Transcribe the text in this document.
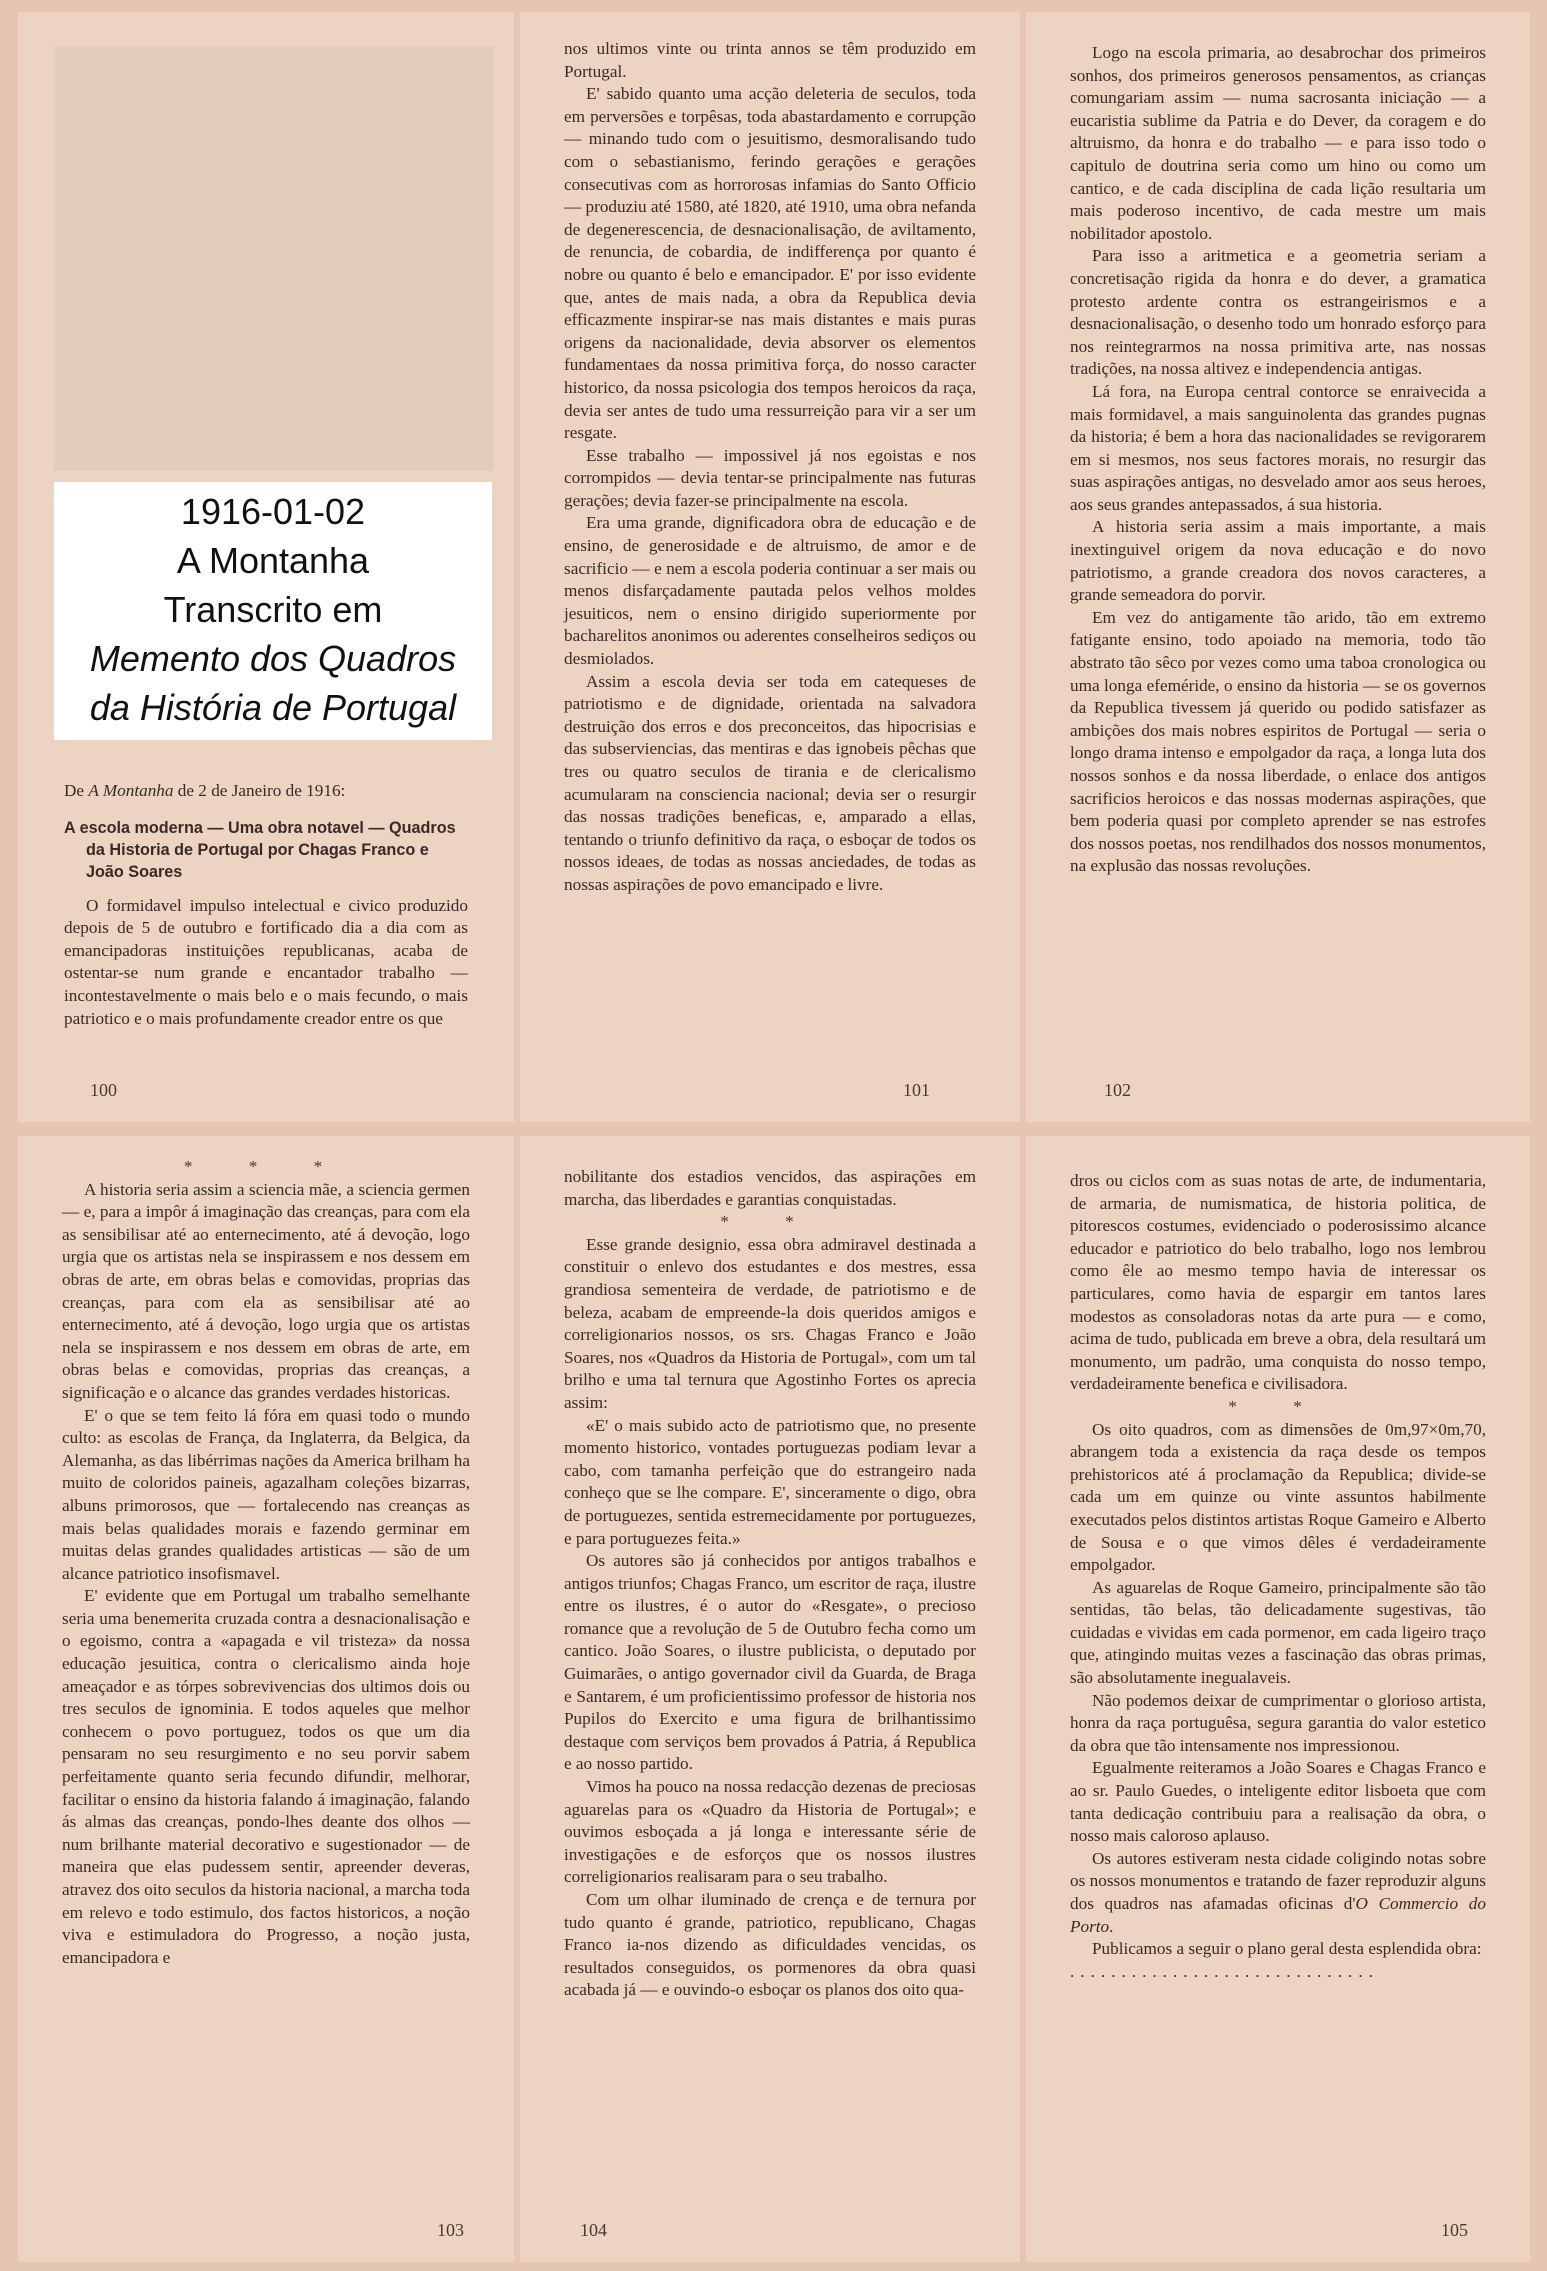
1916-01-02
A Montanha
Transcrito em
Memento dos Quadros
da História de Portugal

De A Montanha de 2 de Janeiro de 1916:

A escola moderna — Uma obra notavel — Quadros da Historia de Portugal por Chagas Franco e João Soares

O formidavel impulso intelectual e civico produzido depois de 5 de outubro e fortificado dia a dia com as emancipadoras instituições republicanas, acaba de ostentar-se num grande e encantador trabalho — incontestavelmente o mais belo e o mais fecundo, o mais patriotico e o mais profundamente creador entre os que

100

nos ultimos vinte ou trinta annos se têm produzido em Portugal.

E' sabido quanto uma acção deleteria de seculos, toda em perversões e torpêsas, toda abastardamento e corrupção — minando tudo com o jesuitismo, desmoralisando tudo com o sebastianismo, ferindo gerações e gerações consecutivas com as horrorosas infamias do Santo Officio — produziu até 1580, até 1820, até 1910, uma obra nefanda de degenerescencia, de desnacionalisação, de aviltamento, de renuncia, de cobardia, de indifferença por quanto é nobre ou quanto é belo e emancipador. E' por isso evidente que, antes de mais nada, a obra da Republica devia efficazmente inspirar-se nas mais distantes e mais puras origens da nacionalidade, devia absorver os elementos fundamentaes da nossa primitiva força, do nosso caracter historico, da nossa psicologia dos tempos heroicos da raça, devia ser antes de tudo uma ressurreição para vir a ser um resgate.

Esse trabalho — impossivel já nos egoistas e nos corrompidos — devia tentar-se principalmente nas futuras gerações; devia fazer-se principalmente na escola.

Era uma grande, dignificadora obra de educação e de ensino, de generosidade e de altruismo, de amor e de sacrificio — e nem a escola poderia continuar a ser mais ou menos disfarçadamente pautada pelos velhos moldes jesuiticos, nem o ensino dirigido superiormente por bacharelitos anonimos ou aderentes conselheiros sediços ou desmiolados.

Assim a escola devia ser toda em catequeses de patriotismo e de dignidade, orientada na salvadora destruição dos erros e dos preconceitos, das hipocrisias e das subserviencias, das mentiras e das ignobeis pêchas que tres ou quatro seculos de tirania e de clericalismo acumularam na consciencia nacional; devia ser o resurgir das nossas tradições beneficas, e, amparado a ellas, tentando o triunfo definitivo da raça, o esboçar de todos os nossos ideaes, de todas as nossas anciedades, de todas as nossas aspirações de povo emancipado e livre.

101

Logo na escola primaria, ao desabrochar dos primeiros sonhos, dos primeiros generosos pensamentos, as crianças comungariam assim — numa sacrosanta iniciação — a eucaristia sublime da Patria e do Dever, da coragem e do altruismo, da honra e do trabalho — e para isso todo o capitulo de doutrina seria como um hino ou como um cantico, e de cada disciplina de cada lição resultaria um mais poderoso incentivo, de cada mestre um mais nobilitador apostolo.

Para isso a aritmetica e a geometria seriam a concretisação rigida da honra e do dever, a gramatica protesto ardente contra os estrangeirismos e a desnacionalisação, o desenho todo um honrado esforço para nos reintegrarmos na nossa primitiva arte, nas nossas tradições, na nossa altivez e independencia antigas.

Lá fora, na Europa central contorce se enraivecida a mais formidavel, a mais sanguinolenta das grandes pugnas da historia; é bem a hora das nacionalidades se revigorarem em si mesmos, nos seus factores morais, no resurgir das suas aspirações antigas, no desvelado amor aos seus heroes, aos seus grandes antepassados, á sua historia.

A historia seria assim a mais importante, a mais inextinguivel origem da nova educação e do novo patriotismo, a grande creadora dos novos caracteres, a grande semeadora do porvir.

Em vez do antigamente tão arido, tão em extremo fatigante ensino, todo apoiado na memoria, todo tão abstrato tão sêco por vezes como uma taboa cronologica ou uma longa efeméride, o ensino da historia — se os governos da Republica tivessem já querido ou podido satisfazer as ambições dos mais nobres espiritos de Portugal — seria o longo drama intenso e empolgador da raça, a longa luta dos nossos sonhos e da nossa liberdade, o enlace dos antigos sacrificios heroicos e das nossas modernas aspirações, que bem poderia quasi por completo aprender se nas estrofes dos nossos poetas, nos rendilhados dos nossos monumentos, na explusão das nossas revoluções.

102

* * *

A historia seria assim a sciencia mãe, a sciencia germen — e, para a impôr á imaginação das creanças, para com ela as sensibilisar até ao enternecimento, até á devoção, logo urgia que os artistas nela se inspirassem e nos dessem em obras de arte, em obras belas e comovidas, proprias das creanças, para com ela as sensibilisar até ao enternecimento, até á devoção, logo urgia que os artistas nela se inspirassem e nos dessem em obras de arte, em obras belas e comovidas, proprias das creanças, a significação e o alcance das grandes verdades historicas.

E' o que se tem feito lá fóra em quasi todo o mundo culto: as escolas de França, da Inglaterra, da Belgica, da Alemanha, as das libérrimas nações da America brilham ha muito de coloridos paineis, agazalham coleções bizarras, albuns primorosos, que — fortalecendo nas creanças as mais belas qualidades morais e fazendo germinar em muitas delas grandes qualidades artisticas — são de um alcance patriotico insofismavel.

E' evidente que em Portugal um trabalho semelhante seria uma benemerita cruzada contra a desnacionalisação e o egoismo, contra a «apagada e vil tristeza» da nossa educação jesuitica, contra o clericalismo ainda hoje ameaçador e as tórpes sobrevivencias dos ultimos dois ou tres seculos de ignominia. E todos aqueles que melhor conhecem o povo portuguez, todos os que um dia pensaram no seu resurgimento e no seu porvir sabem perfeitamente quanto seria fecundo difundir, melhorar, facilitar o ensino da historia falando á imaginação, falando ás almas das creanças, pondo-lhes deante dos olhos — num brilhante material decorativo e sugestionador — de maneira que elas pudessem sentir, apreender deveras, atravez dos oito seculos da historia nacional, a marcha toda em relevo e todo estimulo, dos factos historicos, a noção viva e estimuladora do Progresso, a noção justa, emancipadora e

103

nobilitante dos estadios vencidos, das aspirações em marcha, das liberdades e garantias conquistadas.

* *

Esse grande designio, essa obra admiravel destinada a constituir o enlevo dos estudantes e dos mestres, essa grandiosa sementeira de verdade, de patriotismo e de beleza, acabam de empreende-la dois queridos amigos e correligionarios nossos, os srs. Chagas Franco e João Soares, nos «Quadros da Historia de Portugal», com um tal brilho e uma tal ternura que Agostinho Fortes os aprecia assim:

«E' o mais subido acto de patriotismo que, no presente momento historico, vontades portuguezas podiam levar a cabo, com tamanha perfeição que do estrangeiro nada conheço que se lhe compare. E', sinceramente o digo, obra de portuguezes, sentida estremecidamente por portuguezes, e para portuguezes feita.»

Os autores são já conhecidos por antigos trabalhos e antigos triunfos; Chagas Franco, um escritor de raça, ilustre entre os ilustres, é o autor do «Resgate», o precioso romance que a revolução de 5 de Outubro fecha como um cantico. João Soares, o ilustre publicista, o deputado por Guimarães, o antigo governador civil da Guarda, de Braga e Santarem, é um proficientissimo professor de historia nos Pupilos do Exercito e uma figura de brilhantissimo destaque com serviços bem provados á Patria, á Republica e ao nosso partido.

Vimos ha pouco na nossa redacção dezenas de preciosas aguarelas para os «Quadro da Historia de Portugal»; e ouvimos esboçada a já longa e interessante série de investigações e de esforços que os nossos ilustres correligionarios realisaram para o seu trabalho.

Com um olhar iluminado de crença e de ternura por tudo quanto é grande, patriotico, republicano, Chagas Franco ia-nos dizendo as dificuldades vencidas, os resultados conseguidos, os pormenores da obra quasi acabada já — e ouvindo-o esboçar os planos dos oito qua-

104

dros ou ciclos com as suas notas de arte, de indumentaria, de armaria, de numismatica, de historia politica, de pitorescos costumes, evidenciado o poderosissimo alcance educador e patriotico do belo trabalho, logo nos lembrou como êle ao mesmo tempo havia de interessar os particulares, como havia de espargir em tantos lares modestos as consoladoras notas da arte pura — e como, acima de tudo, publicada em breve a obra, dela resultará um monumento, um padrão, uma conquista do nosso tempo, verdadeiramente benefica e civilisadora.

* *

Os oito quadros, com as dimensões de 0m,97×0m,70, abrangem toda a existencia da raça desde os tempos prehistoricos até á proclamação da Republica; divide-se cada um em quinze ou vinte assuntos habilmente executados pelos distintos artistas Roque Gameiro e Alberto de Sousa e o que vimos dêles é verdadeiramente empolgador.

As aguarelas de Roque Gameiro, principalmente são tão sentidas, tão belas, tão delicadamente sugestivas, tão cuidadas e vividas em cada pormenor, em cada ligeiro traço que, atingindo muitas vezes a fascinação das obras primas, são absolutamente inegualaveis.

Não podemos deixar de cumprimentar o glorioso artista, honra da raça portuguêsa, segura garantia do valor estetico da obra que tão intensamente nos impressionou.

Egualmente reiteramos a João Soares e Chagas Franco e ao sr. Paulo Guedes, o inteligente editor lisboeta que com tanta dedicação contribuiu para a realisação da obra, o nosso mais caloroso aplauso.

Os autores estiveram nesta cidade coligindo notas sobre os nossos monumentos e tratando de fazer reproduzir alguns dos quadros nas afamadas oficinas d'O Commercio do Porto.

Publicamos a seguir o plano geral desta esplendida obra:

..............................

105
